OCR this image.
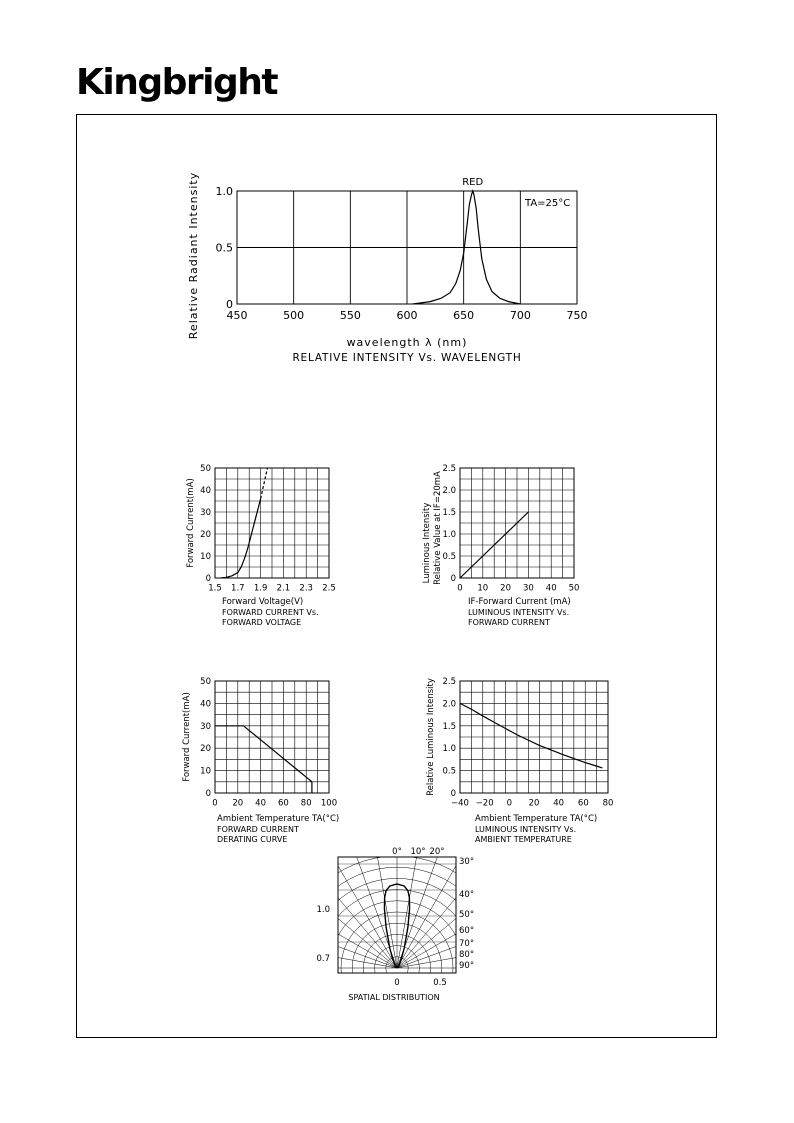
Kingbright
450	500	550	600	650	700	750
0
0.5
1.0
RED
TA=25°C
wavelength λ (nm)
RELATIVE INTENSITY Vs. WAVELENGTH
Relative Radiant Intensity
1.5 1.7 1.9 2.1 2.3 2.5
0
10
20
30
40
50
Forward Voltage(V)
FORWARD CURRENT Vs.
FORWARD VOLTAGE
Forward Current(mA)
0 10 20 30 40 50
0
0.5
1.0
1.5
2.0
2.5
IF-Forward Current (mA)
LUMINOUS INTENSITY Vs.
FORWARD CURRENT
Luminous Intensity Relative Value at IF=20mA
0 20 40 60 80 100
0
10
20
30
40
50
Ambient Temperature TA(°C)
FORWARD CURRENT
DERATING CURVE
Forward Current(mA)
−40 −20 0 20 40 60 80
0
0.5
1.0
1.5
2.0
2.5
Ambient Temperature TA(°C)
LUMINOUS INTENSITY Vs.
AMBIENT TEMPERATURE
Relative Luminous Intensity
0° 10° 20°
30°
40°
50°
60°
70°
80°
90°
1.0
0.7
0	0.5
SPATIAL DISTRIBUTION
